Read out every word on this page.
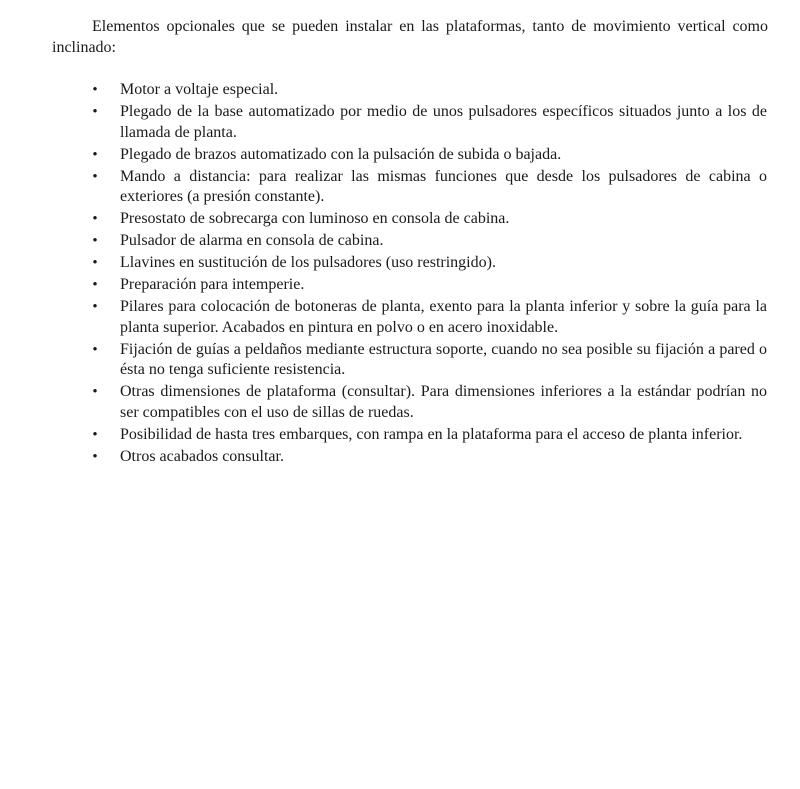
Elementos opcionales que se pueden instalar en las plataformas, tanto de movimiento vertical como inclinado:

• Motor a voltaje especial.
• Plegado de la base automatizado por medio de unos pulsadores específicos situados junto a los de llamada de planta.
• Plegado de brazos automatizado con la pulsación de subida o bajada.
• Mando a distancia: para realizar las mismas funciones que desde los pulsadores de cabina o exteriores (a presión constante).
• Presostato de sobrecarga con luminoso en consola de cabina.
• Pulsador de alarma en consola de cabina.
• Llavines en sustitución de los pulsadores (uso restringido).
• Preparación para intemperie.
• Pilares para colocación de botoneras de planta, exento para la planta inferior y sobre la guía para la planta superior. Acabados en pintura en polvo o en acero inoxidable.
• Fijación de guías a peldaños mediante estructura soporte, cuando no sea posible su fijación a pared o ésta no tenga suficiente resistencia.
• Otras dimensiones de plataforma (consultar). Para dimensiones inferiores a la estándar podrían no ser compatibles con el uso de sillas de ruedas.
• Posibilidad de hasta tres embarques, con rampa en la plataforma para el acceso de planta inferior.
• Otros acabados consultar.
